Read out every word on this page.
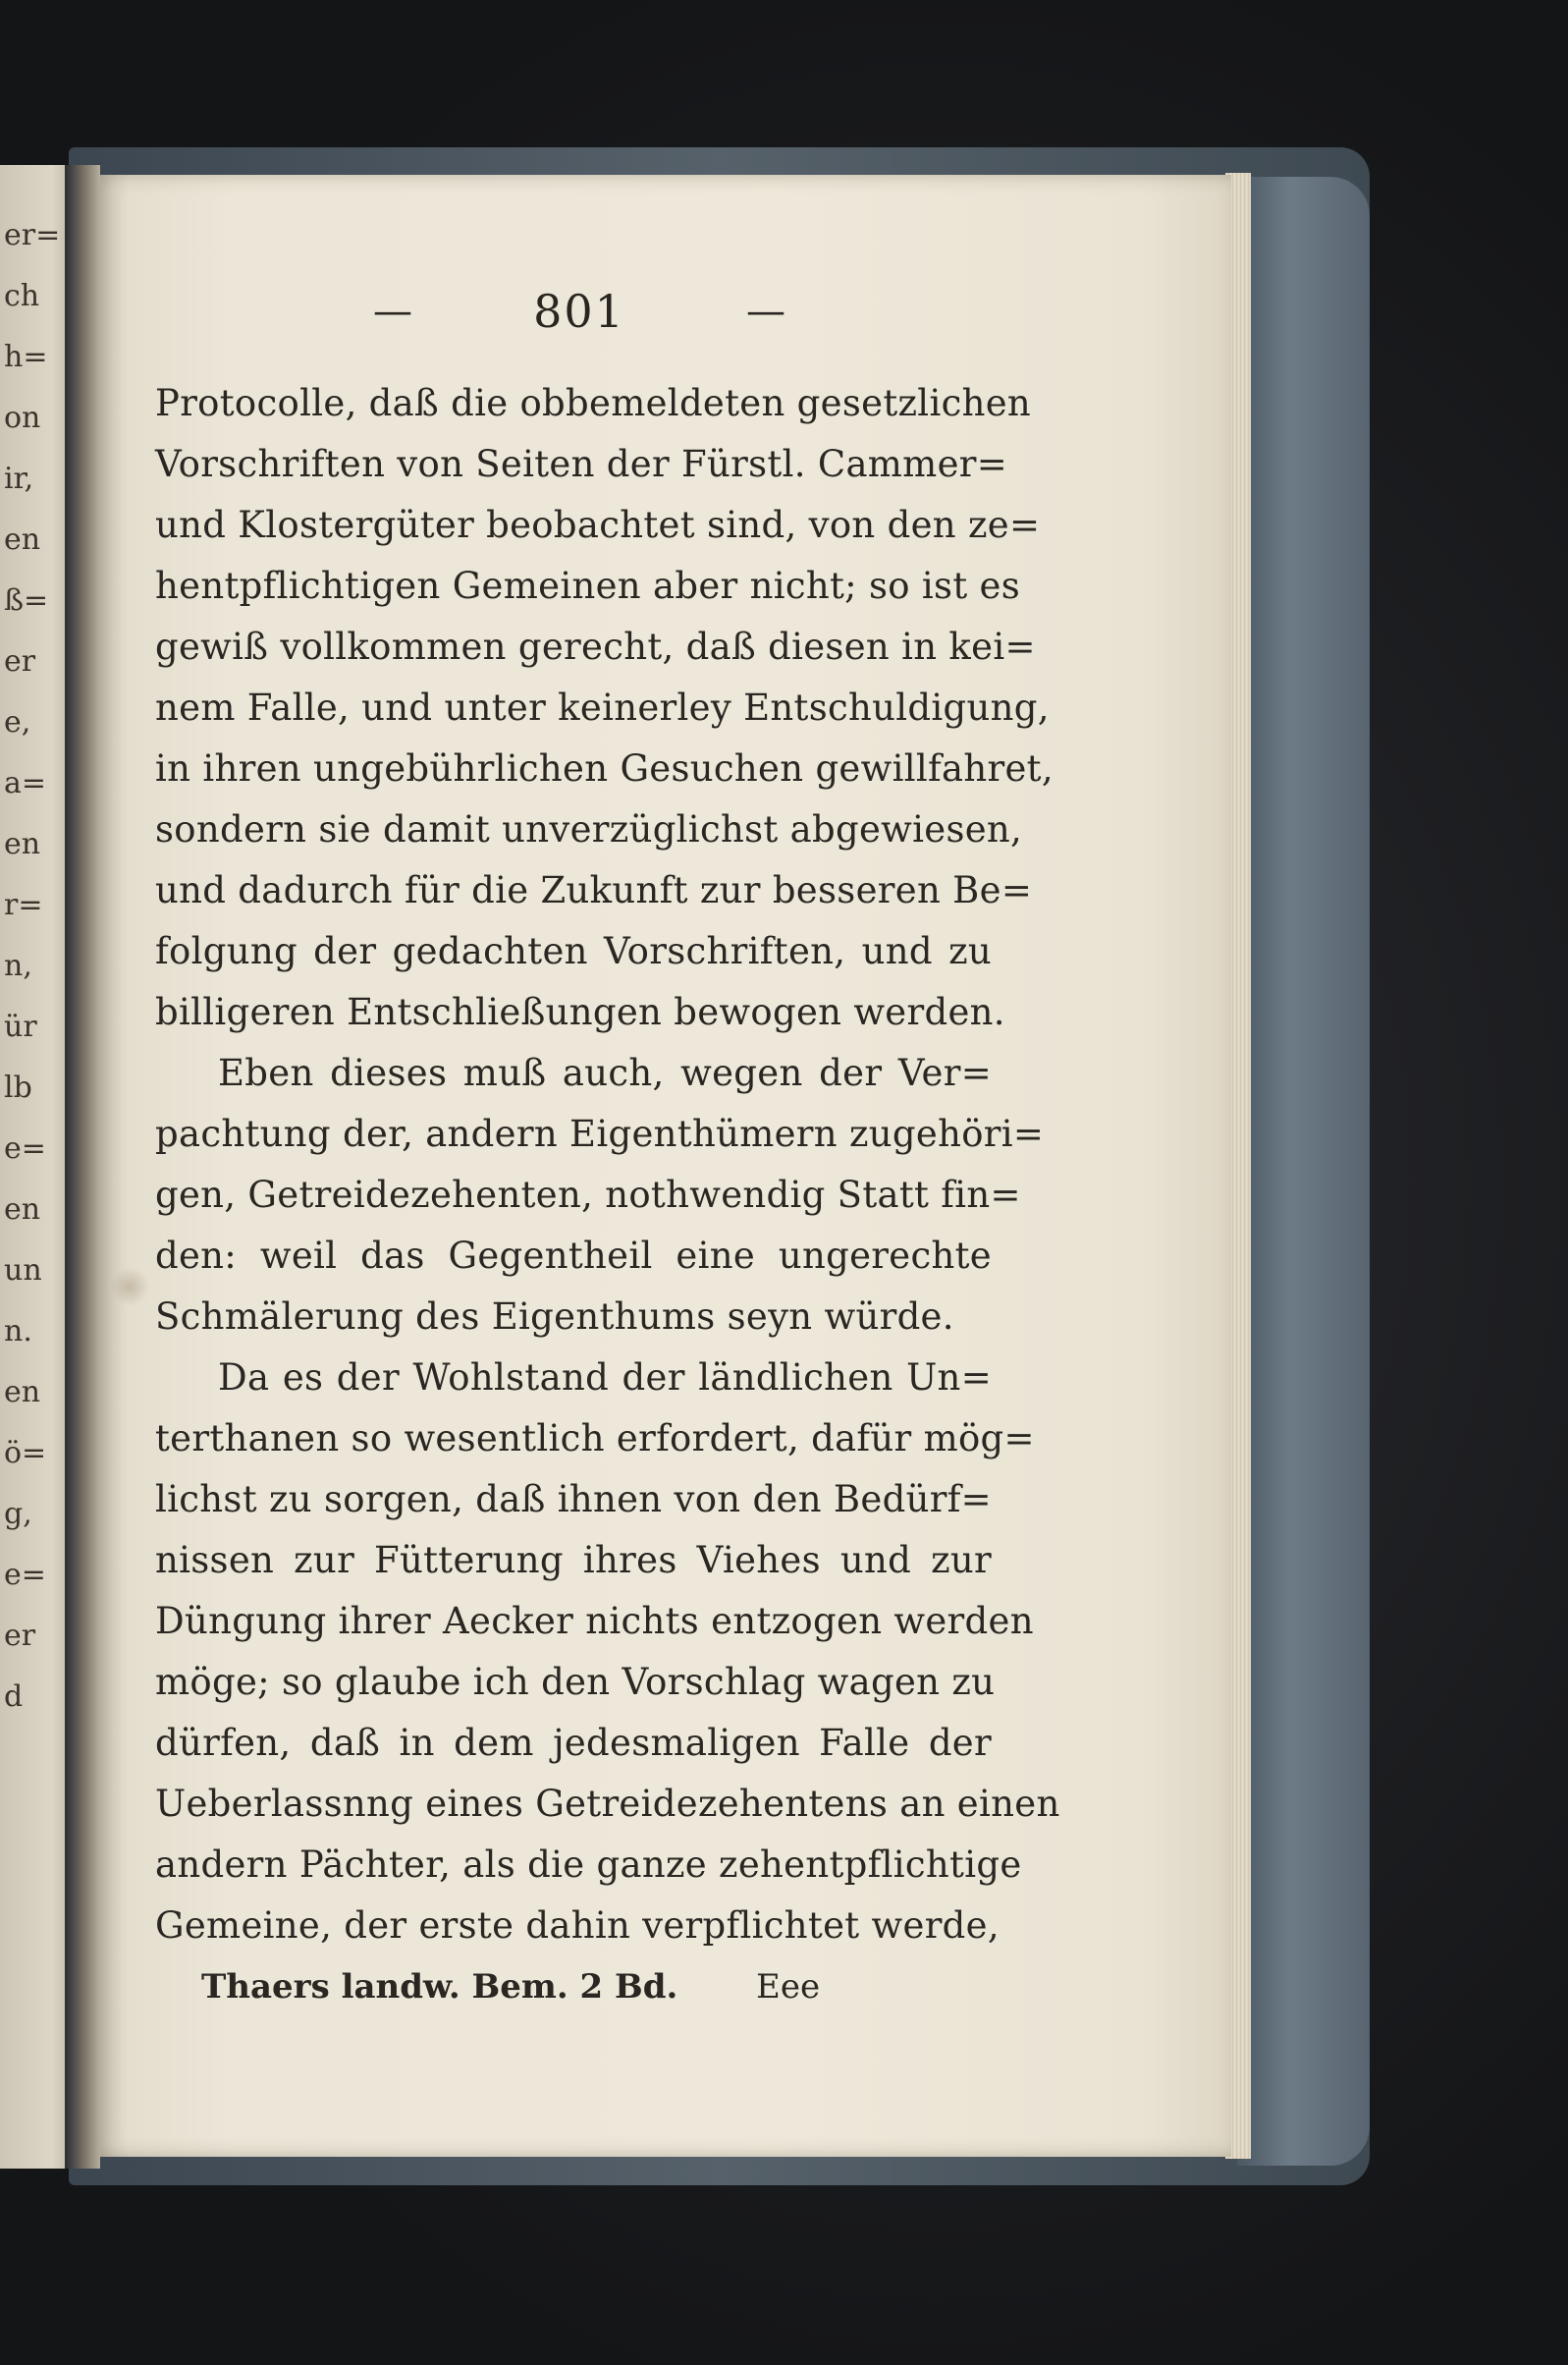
er=
ch
h=
on
ir,
en
ß=
er
e,
a=
en
r=
n,
ür
lb
e=
en
un
n.
en
ö=
g,
e=
er
d
—	801	—
Protocolle, daß die obbemeldeten gesetzlichen
Vorschriften von Seiten der Fürstl. Cammer=
und Klostergüter beobachtet sind, von den ze=
hentpflichtigen Gemeinen aber nicht; so ist es
gewiß vollkommen gerecht, daß diesen in kei=
nem Falle, und unter keinerley Entschuldigung,
in ihren ungebührlichen Gesuchen gewillfahret,
sondern sie damit unverzüglichst abgewiesen,
und dadurch für die Zukunft zur besseren Be=
folgung der gedachten Vorschriften, und zu
billigeren Entschließungen bewogen werden.
Eben dieses muß auch, wegen der Ver=
pachtung der, andern Eigenthümern zugehöri=
gen, Getreidezehenten, nothwendig Statt fin=
den: weil das Gegentheil eine ungerechte
Schmälerung des Eigenthums seyn würde.
Da es der Wohlstand der ländlichen Un=
terthanen so wesentlich erfordert, dafür mög=
lichst zu sorgen, daß ihnen von den Bedürf=
nissen zur Fütterung ihres Viehes und zur
Düngung ihrer Aecker nichts entzogen werden
möge; so glaube ich den Vorschlag wagen zu
dürfen, daß in dem jedesmaligen Falle der
Ueberlassnng eines Getreidezehentens an einen
andern Pächter, als die ganze zehentpflichtige
Gemeine, der erste dahin verpflichtet werde,
Thaers landw. Bem. 2 Bd. Eee
